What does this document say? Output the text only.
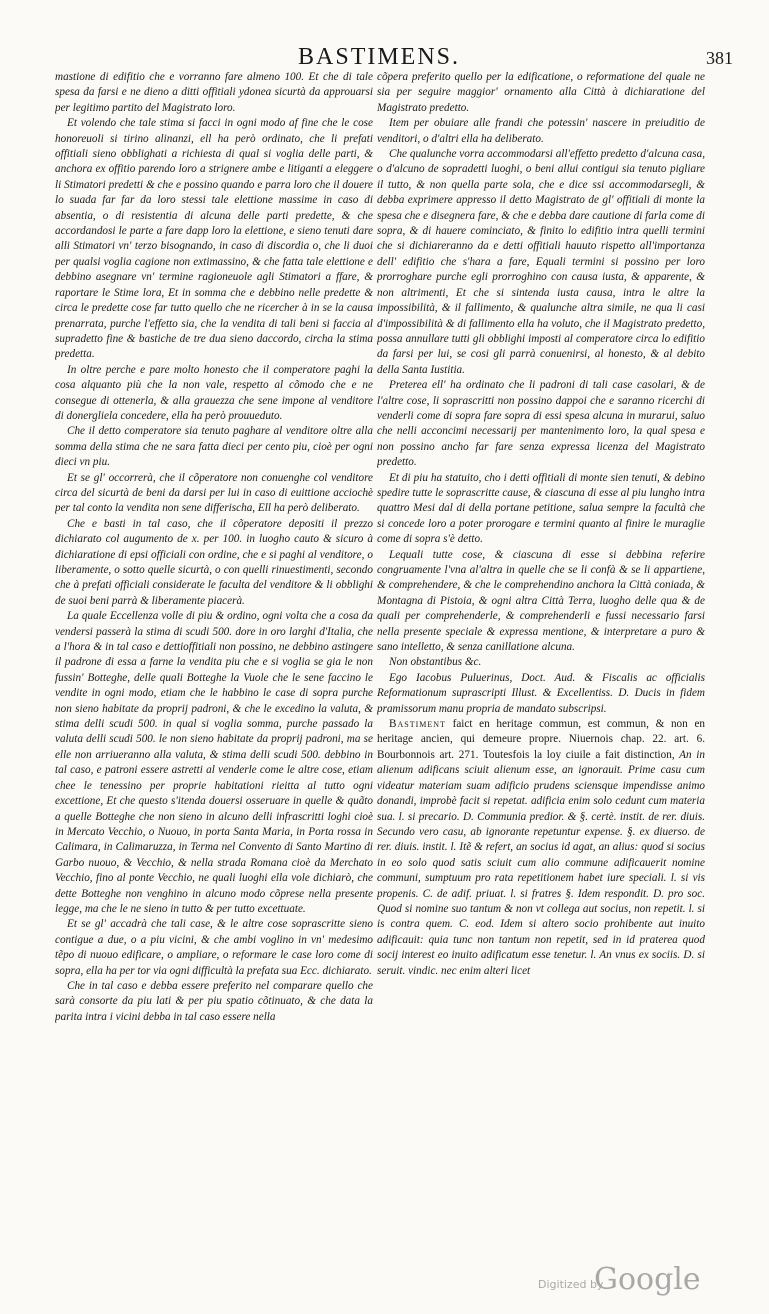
BASTIMENS.	381

mastione di edifitio che e vorranno fare almeno 100. Et che di tale spesa da farsi e ne dieno a ditti offitiali ydonea sicurtà da approuarsi per legitimo partito del Magistrato loro.

Et volendo che tale stima si facci in ogni modo af fine che le cose honoreuoli si tirino alinanzi, ell ha però ordinato, che li prefati offitiali sieno obblighati a richiesta di qual si voglia delle parti, & anchora ex offitio parendo loro a strignere ambe e litiganti a eleggere li Stimatori predetti & che e possino quando e parra loro che il douere lo suada far far da loro stessi tale elettione massime in caso di absentia, o di resistentia di alcuna delle parti predette, & che accordandosi le parte a fare dapp loro la elettione, e sieno tenuti dare alli Stimatori vn' terzo bisognando, in caso di discordia o, che li duoi per qualsi voglia cagione non extimassino, & che fatta tale elettione e debbino asegnare vn' termine ragioneuole agli Stimatori a ffare, & raportare le Stime lora, Et in somma che e debbino nelle predette & circa le predette cose far tutto quello che ne ricercher à in se la causa prenarrata, purche l'effetto sia, che la vendita di tali beni si faccia al supradetto fine & bastiche de tre dua sieno daccordo, circha la stima predetta.

In oltre perche e pare molto honesto che il comperatore paghi la cosa alquanto più che la non vale, respetto al cõmodo che e ne consegue di ottenerla, & alla grauezza che sene impone al venditore di donergliela concedere, ella ha però prouueduto.

Che il detto comperatore sia tenuto paghare al venditore oltre alla somma della stima che ne sara fatta dieci per cento piu, cioè per ogni dieci vn piu.

Et se gl' occorrerà, che il cõperatore non conuenghe col venditore circa del sicurtà de beni da darsi per lui in caso di euittione acciochè per tal conto la vendita non sene differischa, Ell ha però deliberato.

Che e basti in tal caso, che il cõperatore depositi il prezzo dichiarato col augumento de x. per 100. in luogho cauto & sicuro à dichiaratione di epsi officiali con ordine, che e si paghi al venditore, o liberamente, o sotto quelle sicurtà, o con quelli rinuestimenti, secondo che à prefati officiali considerate le faculta del venditore & li obblighi de suoi beni parrà & liberamente piacerà.

La quale Eccellenza volle di piu & ordino, ogni volta che a cosa da vendersi passerà la stima di scudi 500. dore in oro larghi d'Italia, che a l'hora & in tal caso e dettioffitiali non possino, ne debbino astingere il padrone di essa a farne la vendita piu che e si voglia se gia le non fussin' Botteghe, delle quali Botteghe la Vuole che le sene faccino le vendite in ogni modo, etiam che le habbino le case di sopra purche non sieno habitate da proprij padroni, & che le excedino la valuta, & stima delli scudi 500. in qual si voglia somma, purche passado la valuta delli scudi 500. le non sieno habitate da proprij padroni, ma se elle non arriueranno alla valuta, & stima delli scudi 500. debbino in tal caso, e patroni essere astretti al venderle come le altre cose, etiam chee le tenessino per proprie habitationi rieitta al tutto ogni excettione, Et che questo s'itenda douersi osseruare in quelle & quãto a quelle Botteghe che non sieno in alcuno delli infrascritti loghi cioè in Mercato Vecchio, o Nuouo, in porta Santa Maria, in Porta rossa in Calimara, in Calimaruzza, in Terma nel Convento di Santo Martino di Garbo nuouo, & Vecchio, & nella strada Romana cioè da Merchato Vecchio, fino al ponte Vecchio, ne quali luoghi ella vole dichiarò, che dette Botteghe non venghino in alcuno modo cõprese nella presente legge, ma che le ne sieno in tutto & per tutto excettuate.

Et se gl' accadrà che tali case, & le altre cose soprascritte sieno contigue a due, o a piu vicini, & che ambi voglino in vn' medesimo tẽpo di nuouo edificare, o ampliare, o reformare le case loro come di sopra, ella ha per tor via ogni difficultà la prefata sua Ecc. dichiarato.

Che in tal caso e debba essere preferito nel comparare quello che sarà consorte da piu lati & per piu spatio cõtinuato, & che data la parita intra i vicini debba in tal caso essere nella

cõpera preferito quello per la edificatione, o reformatione del quale ne sia per seguire maggior' ornamento alla Città à dichiaratione del Magistrato predetto.

Item per obuiare alle frandi che potessin' nascere in preiuditio de venditori, o d'altri ella ha deliberato.

Che qualunche vorra accommodarsi all'effetto predetto d'alcuna casa, o d'alcuno de sopradetti luoghi, o beni allui contigui sia tenuto pigliare il tutto, & non quella parte sola, che e dice ssi accommodarsegli, & debba exprimere appresso il detto Magistrato de gl' offitiali di monte la spesa che e disegnera fare, & che e debba dare cautione di farla come di sopra, & di hauere cominciato, & finito lo edifitio intra quelli termini che si dichiareranno da e detti offitiali hauuto rispetto all'importanza dell' edifitio che s'hara a fare, Equali termini si possino per loro prorroghare purche egli prorroghino con causa iusta, & apparente, & non altrimenti, Et che si sintenda iusta causa, intra le altre la impossibilità, & il fallimento, & qualunche altra simile, ne qua li casi d'impossibilità & di fallimento ella ha voluto, che il Magistrato predetto, possa annullare tutti gli obblighi imposti al comperatore circa lo edifitio da farsi per lui, se cosi gli parrà conuenirsi, al honesto, & al debito della Santa Iustitia.

Preterea ell' ha ordinato che li padroni di tali case casolari, & de l'altre cose, li soprascritti non possino dappoi che e saranno ricerchi di venderli come di sopra fare sopra di essi spesa alcuna in murarui, saluo che nelli acconcimi necessarij per mantenimento loro, la qual spesa e non possino ancho far fare senza expressa licenza del Magistrato predetto.

Et di piu ha statuito, cho i detti offitiali di monte sien tenuti, & debino spedire tutte le soprascritte cause, & ciascuna di esse al piu lungho intra quattro Mesi dal di della portane petitione, salua sempre la facultà che si concede loro a poter prorogare e termini quanto al finire le muraglie come di sopra s'è detto.

Lequali tutte cose, & ciascuna di esse si debbina referire congruamente l'vna al'altra in quelle che se li confà & se li appartiene, & comprehendere, & che le comprehendino anchora la Città coniada, & Montagna di Pistoia, & ogni altra Città Terra, luogho delle qua & de quali per comprehenderle, & comprehenderli e fussi necessario farsi nella presente speciale & expressa mentione, & interpretare a puro & sano intelletto, & senza canillatione alcuna.

Non obstantibus &c.

Ego Iacobus Puluerinus, Doct. Aud. & Fiscalis ac officialis Reformationum suprascripti Illust. & Excellentiss. D. Ducis in fidem pramissorum manu propria de mandato subscripsi.

Bastiment faict en heritage commun, est commun, & non en heritage ancien, qui demeure propre. Niuernois chap. 22. art. 6. Bourbonnois art. 271. Toutesfois la loy ciuile a fait distinction, An in alienum adificans sciuit alienum esse, an ignorauit. Prime casu cum videatur materiam suam adificio prudens sciensque impendisse animo donandi, improbè facit si repetat. adificia enim solo cedunt cum materia sua. l. si precario. D. Communia predior. & §. certè. instit. de rer. diuis. Secundo vero casu, ab ignorante repetuntur expense. §. ex diuerso. de rer. diuis. instit. l. Itẽ & refert, an socius id agat, an alius: quod si socius in eo solo quod satis sciuit cum alio commune adificauerit nomine communi, sumptuum pro rata repetitionem habet iure speciali. l. si vis propenis. C. de adif. priuat. l. si fratres §. Idem respondit. D. pro soc. Quod si nomine suo tantum & non vt collega aut socius, non repetit. l. si is contra quem. C. eod. Idem si altero socio prohibente aut inuito adificauit: quia tunc non tantum non repetit, sed in id praterea quod socij interest eo inuito adificatum esse tenetur. l. An vnus ex sociis. D. si seruit. vindic. nec enim alteri licet

Digitized by
Google
